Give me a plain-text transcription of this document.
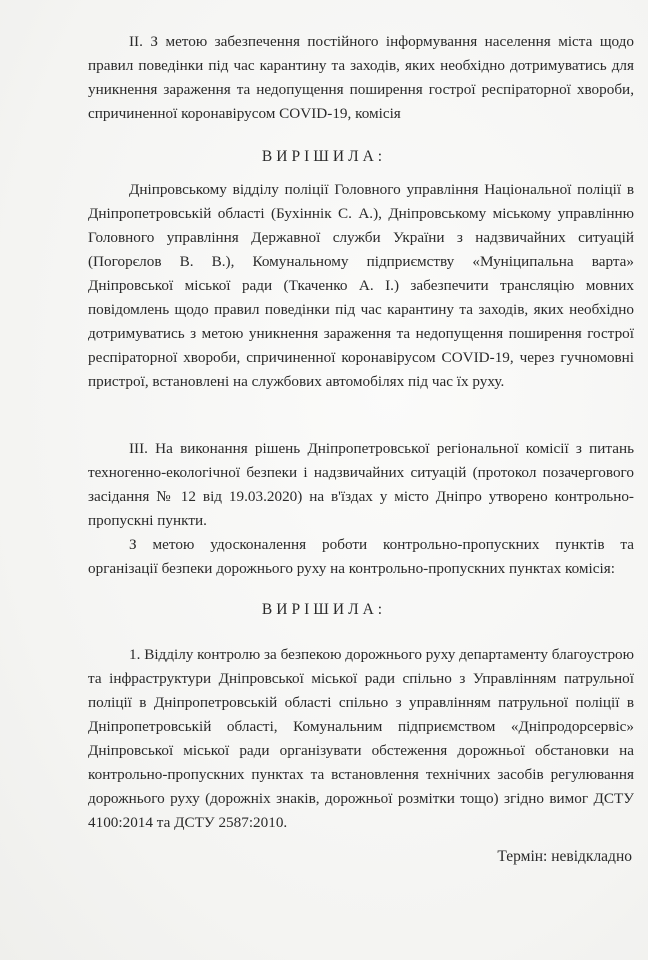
II. З метою забезпечення постійного інформування населення міста щодо правил поведінки під час карантину та заходів, яких необхідно дотримуватись для уникнення зараження та недопущення поширення гострої респіраторної хвороби, спричиненної коронавірусом COVID-19, комісія

ВИРІШИЛА:

Дніпровському відділу поліції Головного управління Національної поліції в Дніпропетровській області (Бухіннік С. А.), Дніпровському міському управлінню Головного управління Державної служби України з надзвичайних ситуацій (Погорєлов В. В.), Комунальному підприємству «Муніципальна варта» Дніпровської міської ради (Ткаченко А. І.) забезпечити трансляцію мовних повідомлень щодо правил поведінки під час карантину та заходів, яких необхідно дотримуватись з метою уникнення зараження та недопущення поширення гострої респіраторної хвороби, спричиненної коронавірусом COVID-19, через гучномовні пристрої, встановлені на службових автомобілях під час їх руху.

III. На виконання рішень Дніпропетровської регіональної комісії з питань техногенно-екологічної безпеки і надзвичайних ситуацій (протокол позачергового засідання № 12 від 19.03.2020) на в'їздах у місто Дніпро утворено контрольно-пропускні пункти.

З метою удосконалення роботи контрольно-пропускних пунктів та організації безпеки дорожнього руху на контрольно-пропускних пунктах комісія:

ВИРІШИЛА:

1. Відділу контролю за безпекою дорожнього руху департаменту благоустрою та інфраструктури Дніпровської міської ради спільно з Управлінням патрульної поліції в Дніпропетровській області спільно з управлінням патрульної поліції в Дніпропетровській області, Комунальним підприємством «Дніпродорсервіс» Дніпровської міської ради організувати обстеження дорожньої обстановки на контрольно-пропускних пунктах та встановлення технічних засобів регулювання дорожнього руху (дорожніх знаків, дорожньої розмітки тощо) згідно вимог ДСТУ 4100:2014 та ДСТУ 2587:2010.

Термін: невідкладно
